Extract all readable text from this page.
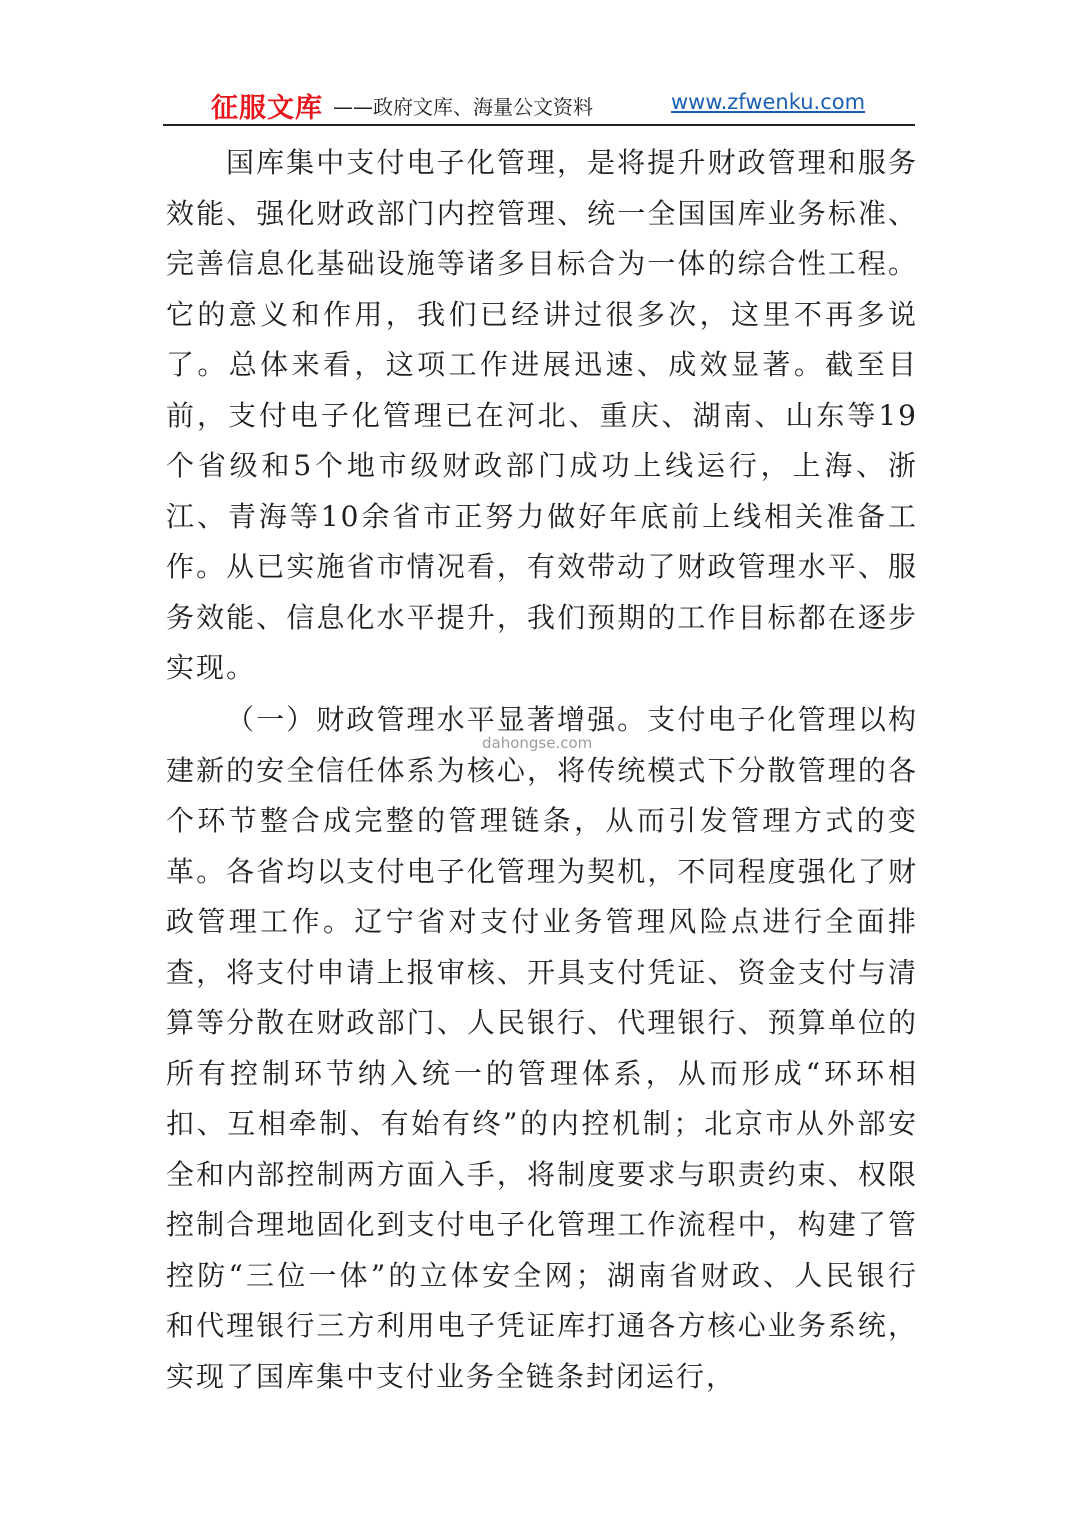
征服文库 ——政府文库、海量公文资料	www.zfwenku.com

国库集中支付电子化管理，是将提升财政管理和服务效能、强化财政部门内控管理、统一全国国库业务标准、完善信息化基础设施等诸多目标合为一体的综合性工程。它的意义和作用，我们已经讲过很多次，这里不再多说了。总体来看，这项工作进展迅速、成效显著。截至目前，支付电子化管理已在河北、重庆、湖南、山东等19个省级和5个地市级财政部门成功上线运行，上海、浙江、青海等10余省市正努力做好年底前上线相关准备工作。从已实施省市情况看，有效带动了财政管理水平、服务效能、信息化水平提升，我们预期的工作目标都在逐步实现。

（一）财政管理水平显著增强。支付电子化管理以构建新的安全信任体系为核心，将传统模式下分散管理的各个环节整合成完整的管理链条，从而引发管理方式的变革。各省均以支付电子化管理为契机，不同程度强化了财政管理工作。辽宁省对支付业务管理风险点进行全面排查，将支付申请上报审核、开具支付凭证、资金支付与清算等分散在财政部门、人民银行、代理银行、预算单位的所有控制环节纳入统一的管理体系，从而形成“环环相扣、互相牵制、有始有终”的内控机制；北京市从外部安全和内部控制两方面入手，将制度要求与职责约束、权限控制合理地固化到支付电子化管理工作流程中，构建了管控防“三位一体”的立体安全网；湖南省财政、人民银行和代理银行三方利用电子凭证库打通各方核心业务系统，实现了国库集中支付业务全链条封闭运行，

dahongse.com
